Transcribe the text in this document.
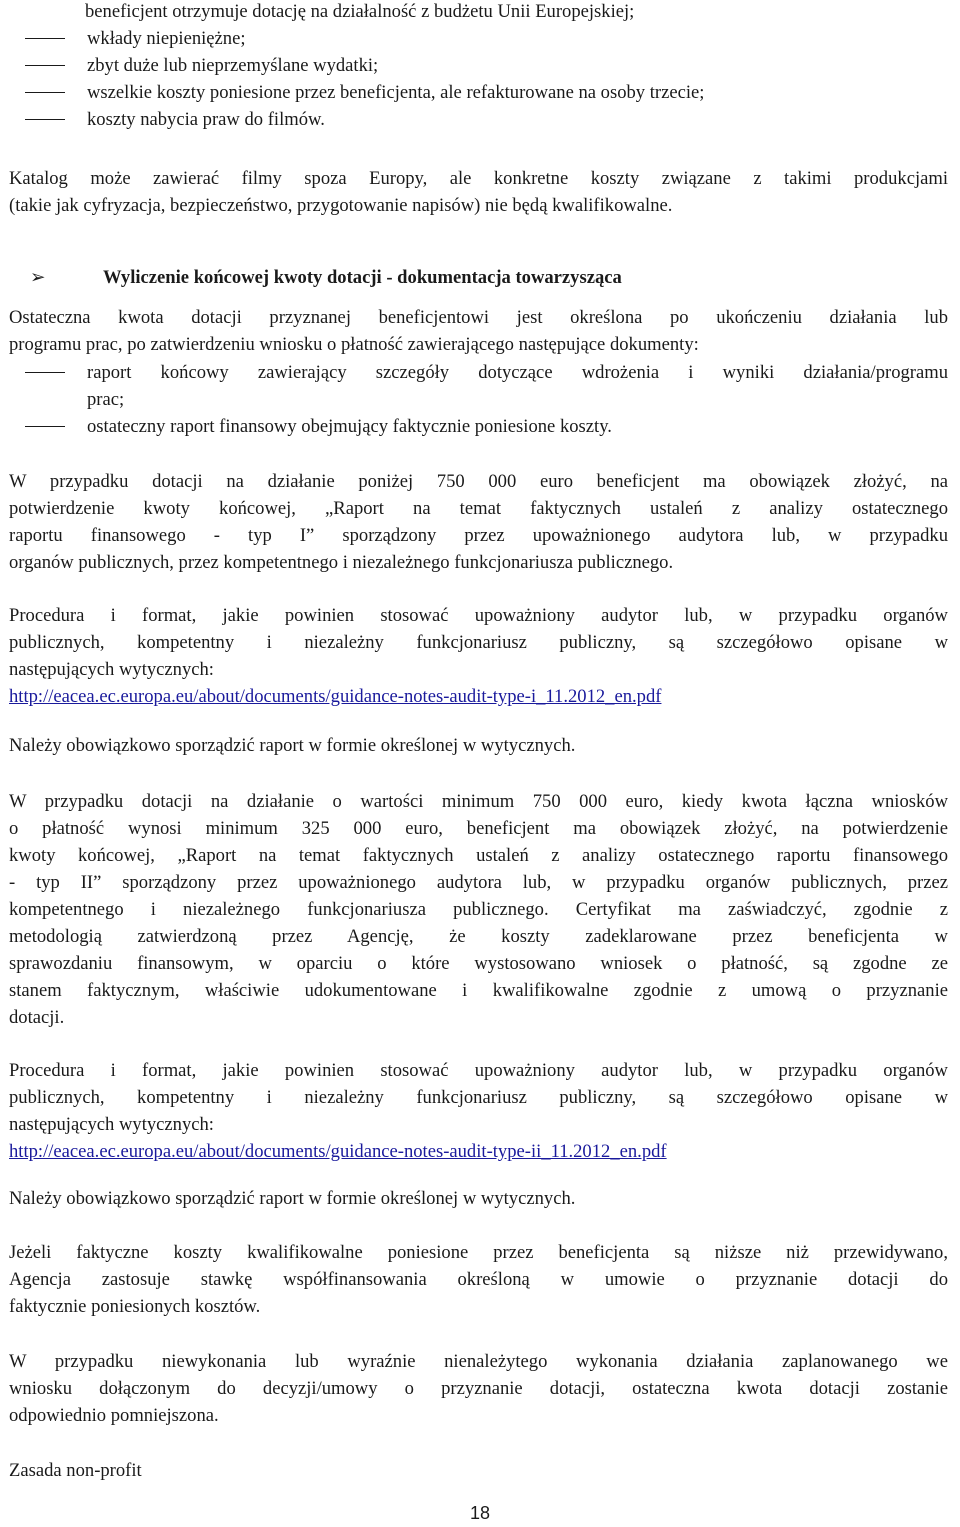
beneficjent otrzymuje dotację na działalność z budżetu Unii Europejskiej;
wkłady niepieniężne;
zbyt duże lub nieprzemyślane wydatki;
wszelkie koszty poniesione przez beneficjenta, ale refakturowane na osoby trzecie;
koszty nabycia praw do filmów.
Katalog może zawierać filmy spoza Europy, ale konkretne koszty związane z takimi produkcjami
(takie jak cyfryzacja, bezpieczeństwo, przygotowanie napisów) nie będą kwalifikowalne.
➢	Wyliczenie końcowej kwoty dotacji - dokumentacja towarzysząca
Ostateczna kwota dotacji przyznanej beneficjentowi jest określona po ukończeniu działania lub
programu prac, po zatwierdzeniu wniosku o płatność zawierającego następujące dokumenty:
raport końcowy zawierający szczegóły dotyczące wdrożenia i wyniki działania/programu
prac;
ostateczny raport finansowy obejmujący faktycznie poniesione koszty.
W przypadku dotacji na działanie poniżej 750 000 euro beneficjent ma obowiązek złożyć, na
potwierdzenie kwoty końcowej, „Raport na temat faktycznych ustaleń z analizy ostatecznego
raportu finansowego - typ I” sporządzony przez upoważnionego audytora lub, w przypadku
organów publicznych, przez kompetentnego i niezależnego funkcjonariusza publicznego.
Procedura i format, jakie powinien stosować upoważniony audytor lub, w przypadku organów
publicznych, kompetentny i niezależny funkcjonariusz publiczny, są szczegółowo opisane w
następujących wytycznych:
http://eacea.ec.europa.eu/about/documents/guidance-notes-audit-type-i_11.2012_en.pdf
Należy obowiązkowo sporządzić raport w formie określonej w wytycznych.
W przypadku dotacji na działanie o wartości minimum 750 000 euro, kiedy kwota łączna wniosków
o płatność wynosi minimum 325 000 euro, beneficjent ma obowiązek złożyć, na potwierdzenie
kwoty końcowej, „Raport na temat faktycznych ustaleń z analizy ostatecznego raportu finansowego
- typ II” sporządzony przez upoważnionego audytora lub, w przypadku organów publicznych, przez
kompetentnego i niezależnego funkcjonariusza publicznego. Certyfikat ma zaświadczyć, zgodnie z
metodologią zatwierdzoną przez Agencję, że koszty zadeklarowane przez beneficjenta w
sprawozdaniu finansowym, w oparciu o które wystosowano wniosek o płatność, są zgodne ze
stanem faktycznym, właściwie udokumentowane i kwalifikowalne zgodnie z umową o przyznanie
dotacji.
Procedura i format, jakie powinien stosować upoważniony audytor lub, w przypadku organów
publicznych, kompetentny i niezależny funkcjonariusz publiczny, są szczegółowo opisane w
następujących wytycznych:
http://eacea.ec.europa.eu/about/documents/guidance-notes-audit-type-ii_11.2012_en.pdf
Należy obowiązkowo sporządzić raport w formie określonej w wytycznych.
Jeżeli faktyczne koszty kwalifikowalne poniesione przez beneficjenta są niższe niż przewidywano,
Agencja zastosuje stawkę współfinansowania określoną w umowie o przyznanie dotacji do
faktycznie poniesionych kosztów.
W przypadku niewykonania lub wyraźnie nienależytego wykonania działania zaplanowanego we
wniosku dołączonym do decyzji/umowy o przyznanie dotacji, ostateczna kwota dotacji zostanie
odpowiednio pomniejszona.
Zasada non-profit
18
